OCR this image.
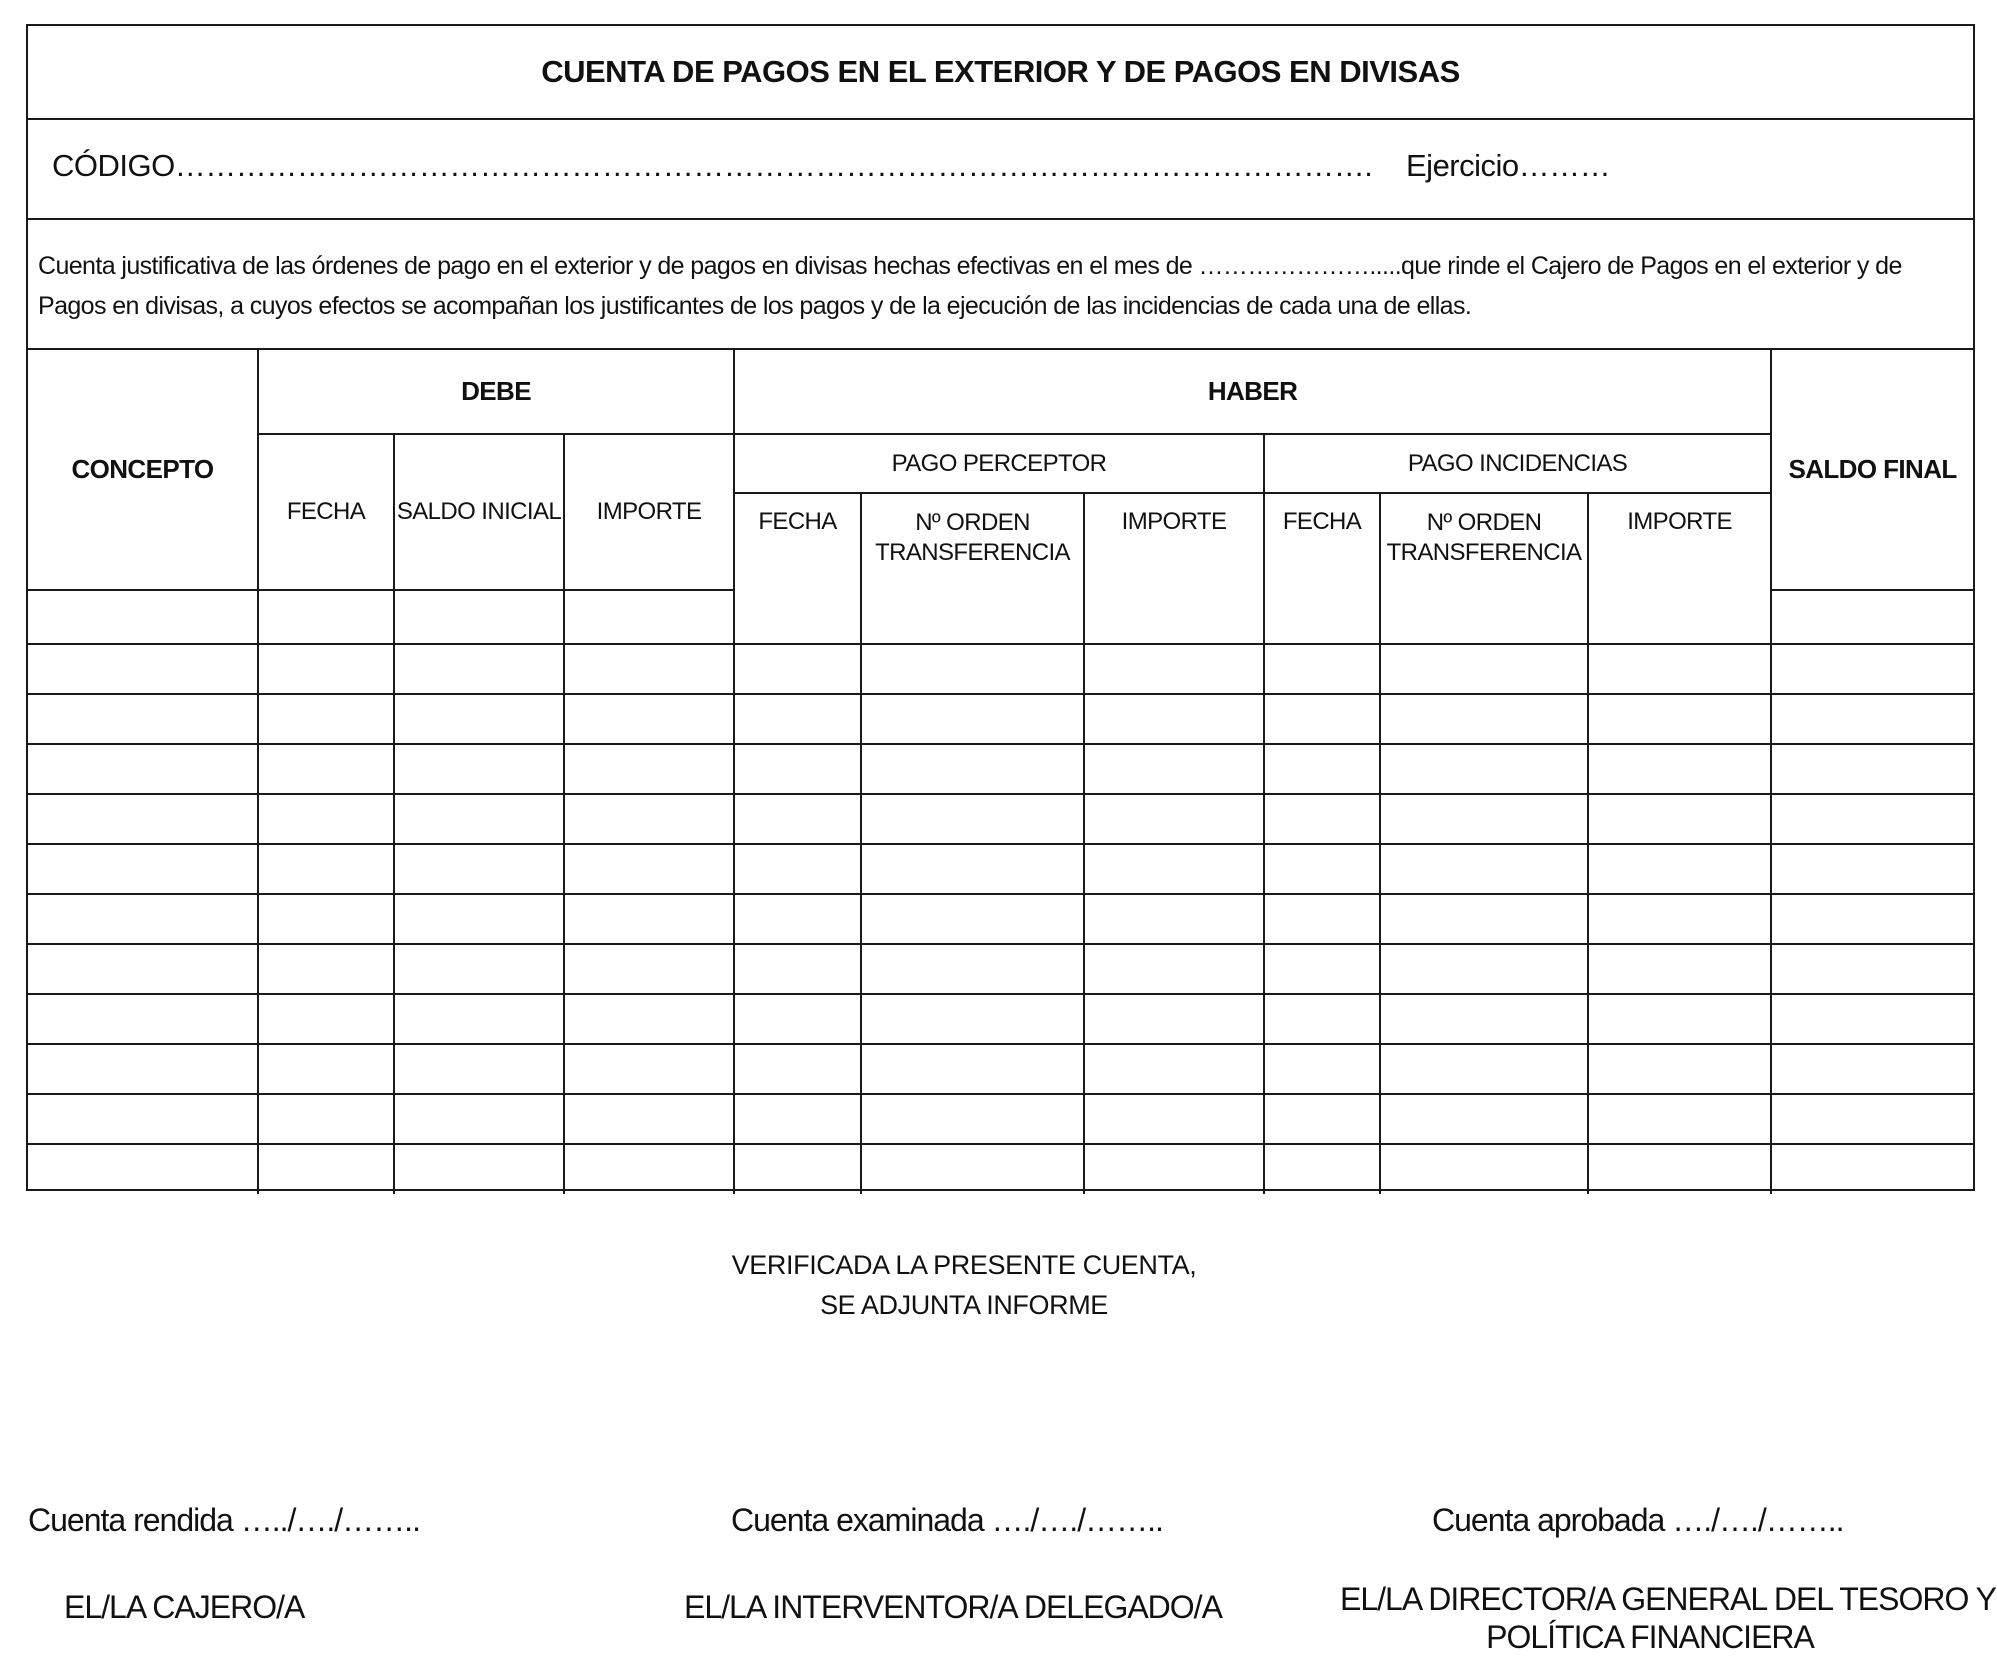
CUENTA DE PAGOS EN EL EXTERIOR Y DE PAGOS EN DIVISAS
CÓDIGO………………………………………………………………………………………………………. Ejercicio………
Cuenta justificativa de las órdenes de pago en el exterior y de pagos en divisas hechas efectivas en el mes de ………………….....que rinde el Cajero de Pagos en el exterior y de Pagos en divisas, a cuyos efectos se acompañan los justificantes de los pagos y de la ejecución de las incidencias de cada una de ellas.
CONCEPTO	DEBE			HABER						SALDO FINAL
	FECHA	SALDO INICIAL	IMPORTE	PAGO PERCEPTOR			PAGO INCIDENCIAS			
				FECHA	Nº ORDEN TRANSFERENCIA	IMPORTE	FECHA	Nº ORDEN TRANSFERENCIA	IMPORTE	

VERIFICADA LA PRESENTE CUENTA,
SE ADJUNTA INFORME
Cuenta rendida …../…./……..	Cuenta examinada …./…./……..	Cuenta aprobada …./…./……..
EL/LA CAJERO/A	EL/LA INTERVENTOR/A DELEGADO/A	EL/LA DIRECTOR/A GENERAL DEL TESORO Y
POLÍTICA FINANCIERA
